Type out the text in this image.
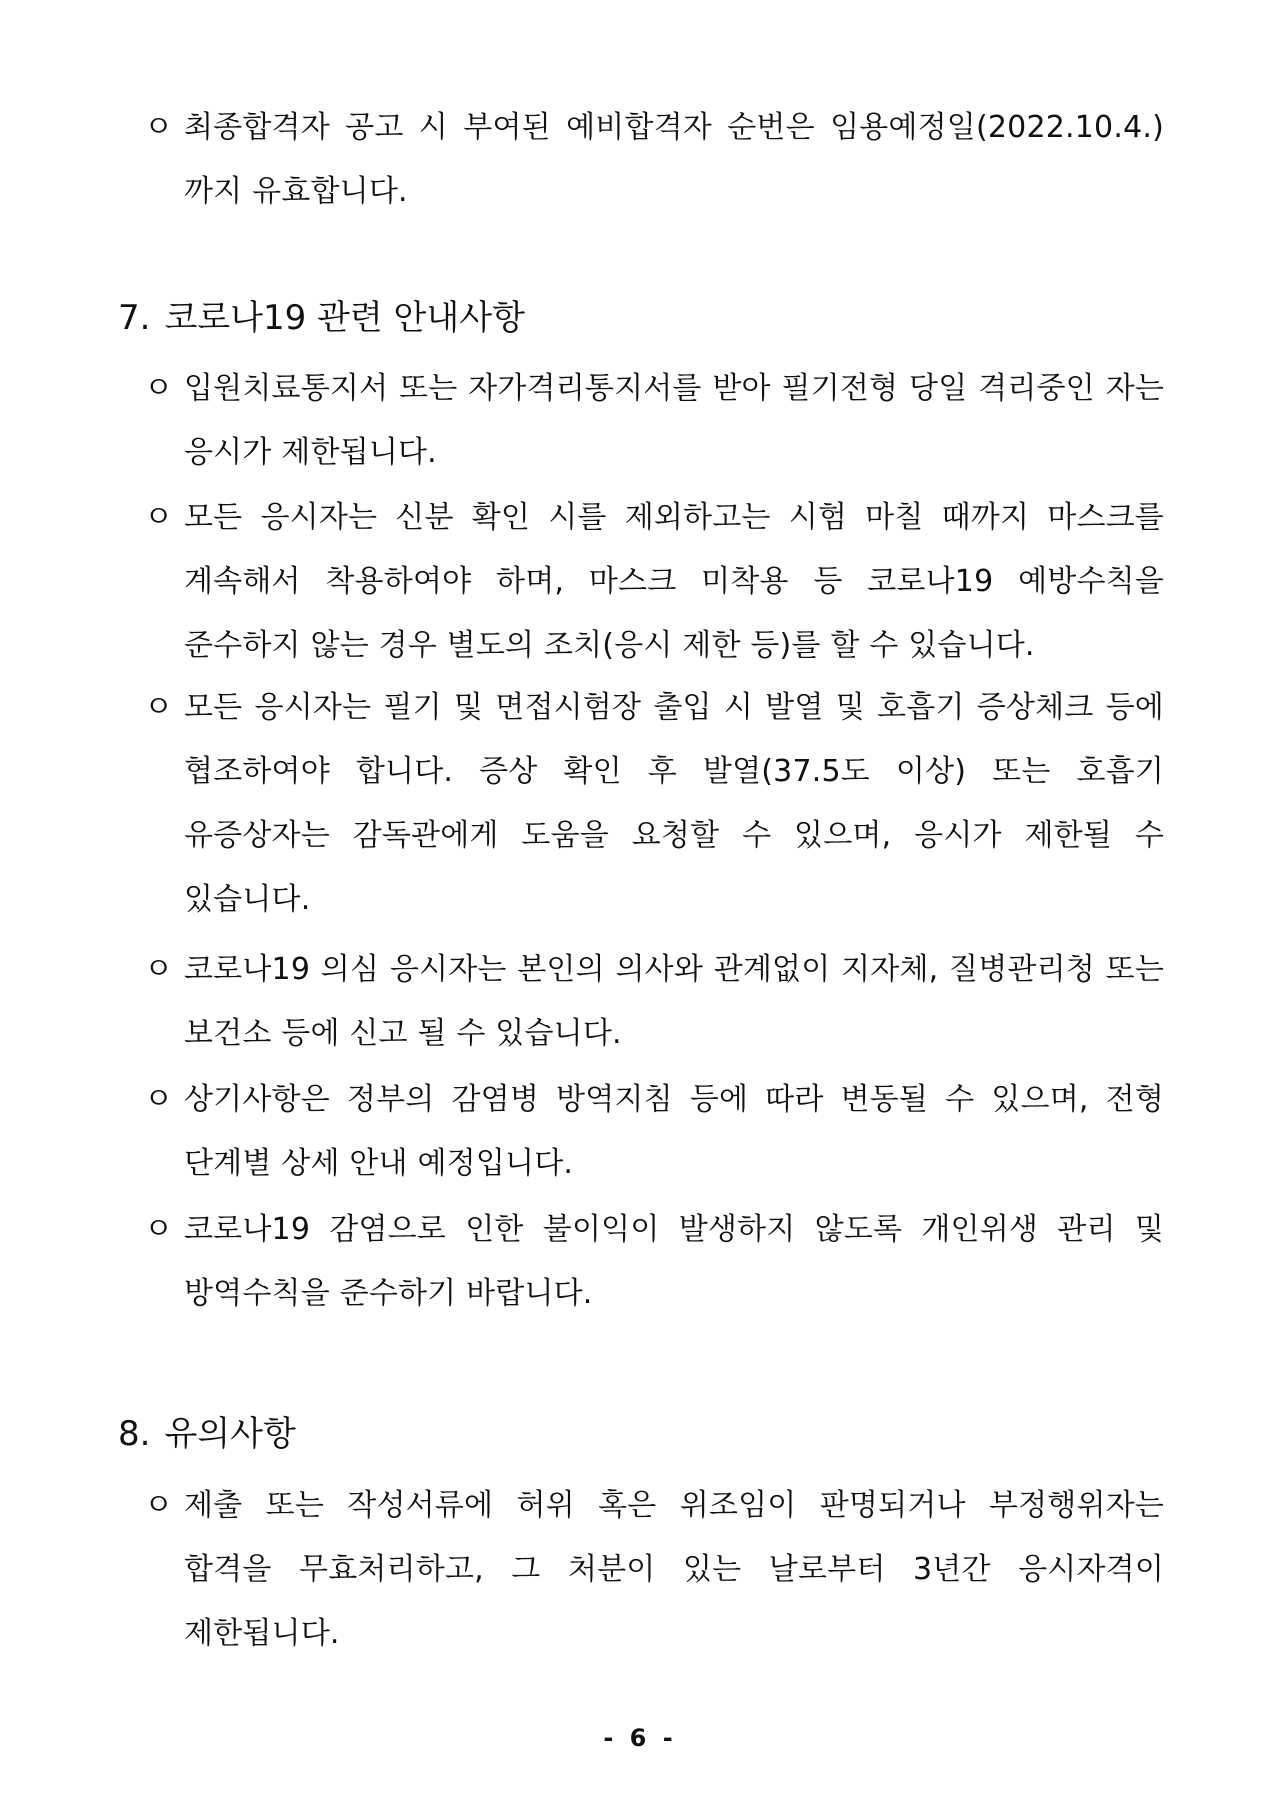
ㅇ 최종합격자 공고 시 부여된 예비합격자 순번은 임용예정일(2022.10.4.) 까지 유효합니다.
7. 코로나19 관련 안내사항
ㅇ 입원치료통지서 또는 자가격리통지서를 받아 필기전형 당일 격리중인 자는 응시가 제한됩니다.
ㅇ 모든 응시자는 신분 확인 시를 제외하고는 시험 마칠 때까지 마스크를 계속해서 착용하여야 하며, 마스크 미착용 등 코로나19 예방수칙을 준수하지 않는 경우 별도의 조치(응시 제한 등)를 할 수 있습니다.
ㅇ 모든 응시자는 필기 및 면접시험장 출입 시 발열 및 호흡기 증상체크 등에 협조하여야 합니다. 증상 확인 후 발열(37.5도 이상) 또는 호흡기 유증상자는 감독관에게 도움을 요청할 수 있으며, 응시가 제한될 수 있습니다.
ㅇ 코로나19 의심 응시자는 본인의 의사와 관계없이 지자체, 질병관리청 또는 보건소 등에 신고 될 수 있습니다.
ㅇ 상기사항은 정부의 감염병 방역지침 등에 따라 변동될 수 있으며, 전형 단계별 상세 안내 예정입니다.
ㅇ 코로나19 감염으로 인한 불이익이 발생하지 않도록 개인위생 관리 및 방역수칙을 준수하기 바랍니다.
8. 유의사항
ㅇ 제출 또는 작성서류에 허위 혹은 위조임이 판명되거나 부정행위자는 합격을 무효처리하고, 그 처분이 있는 날로부터 3년간 응시자격이 제한됩니다.
- 6 -
